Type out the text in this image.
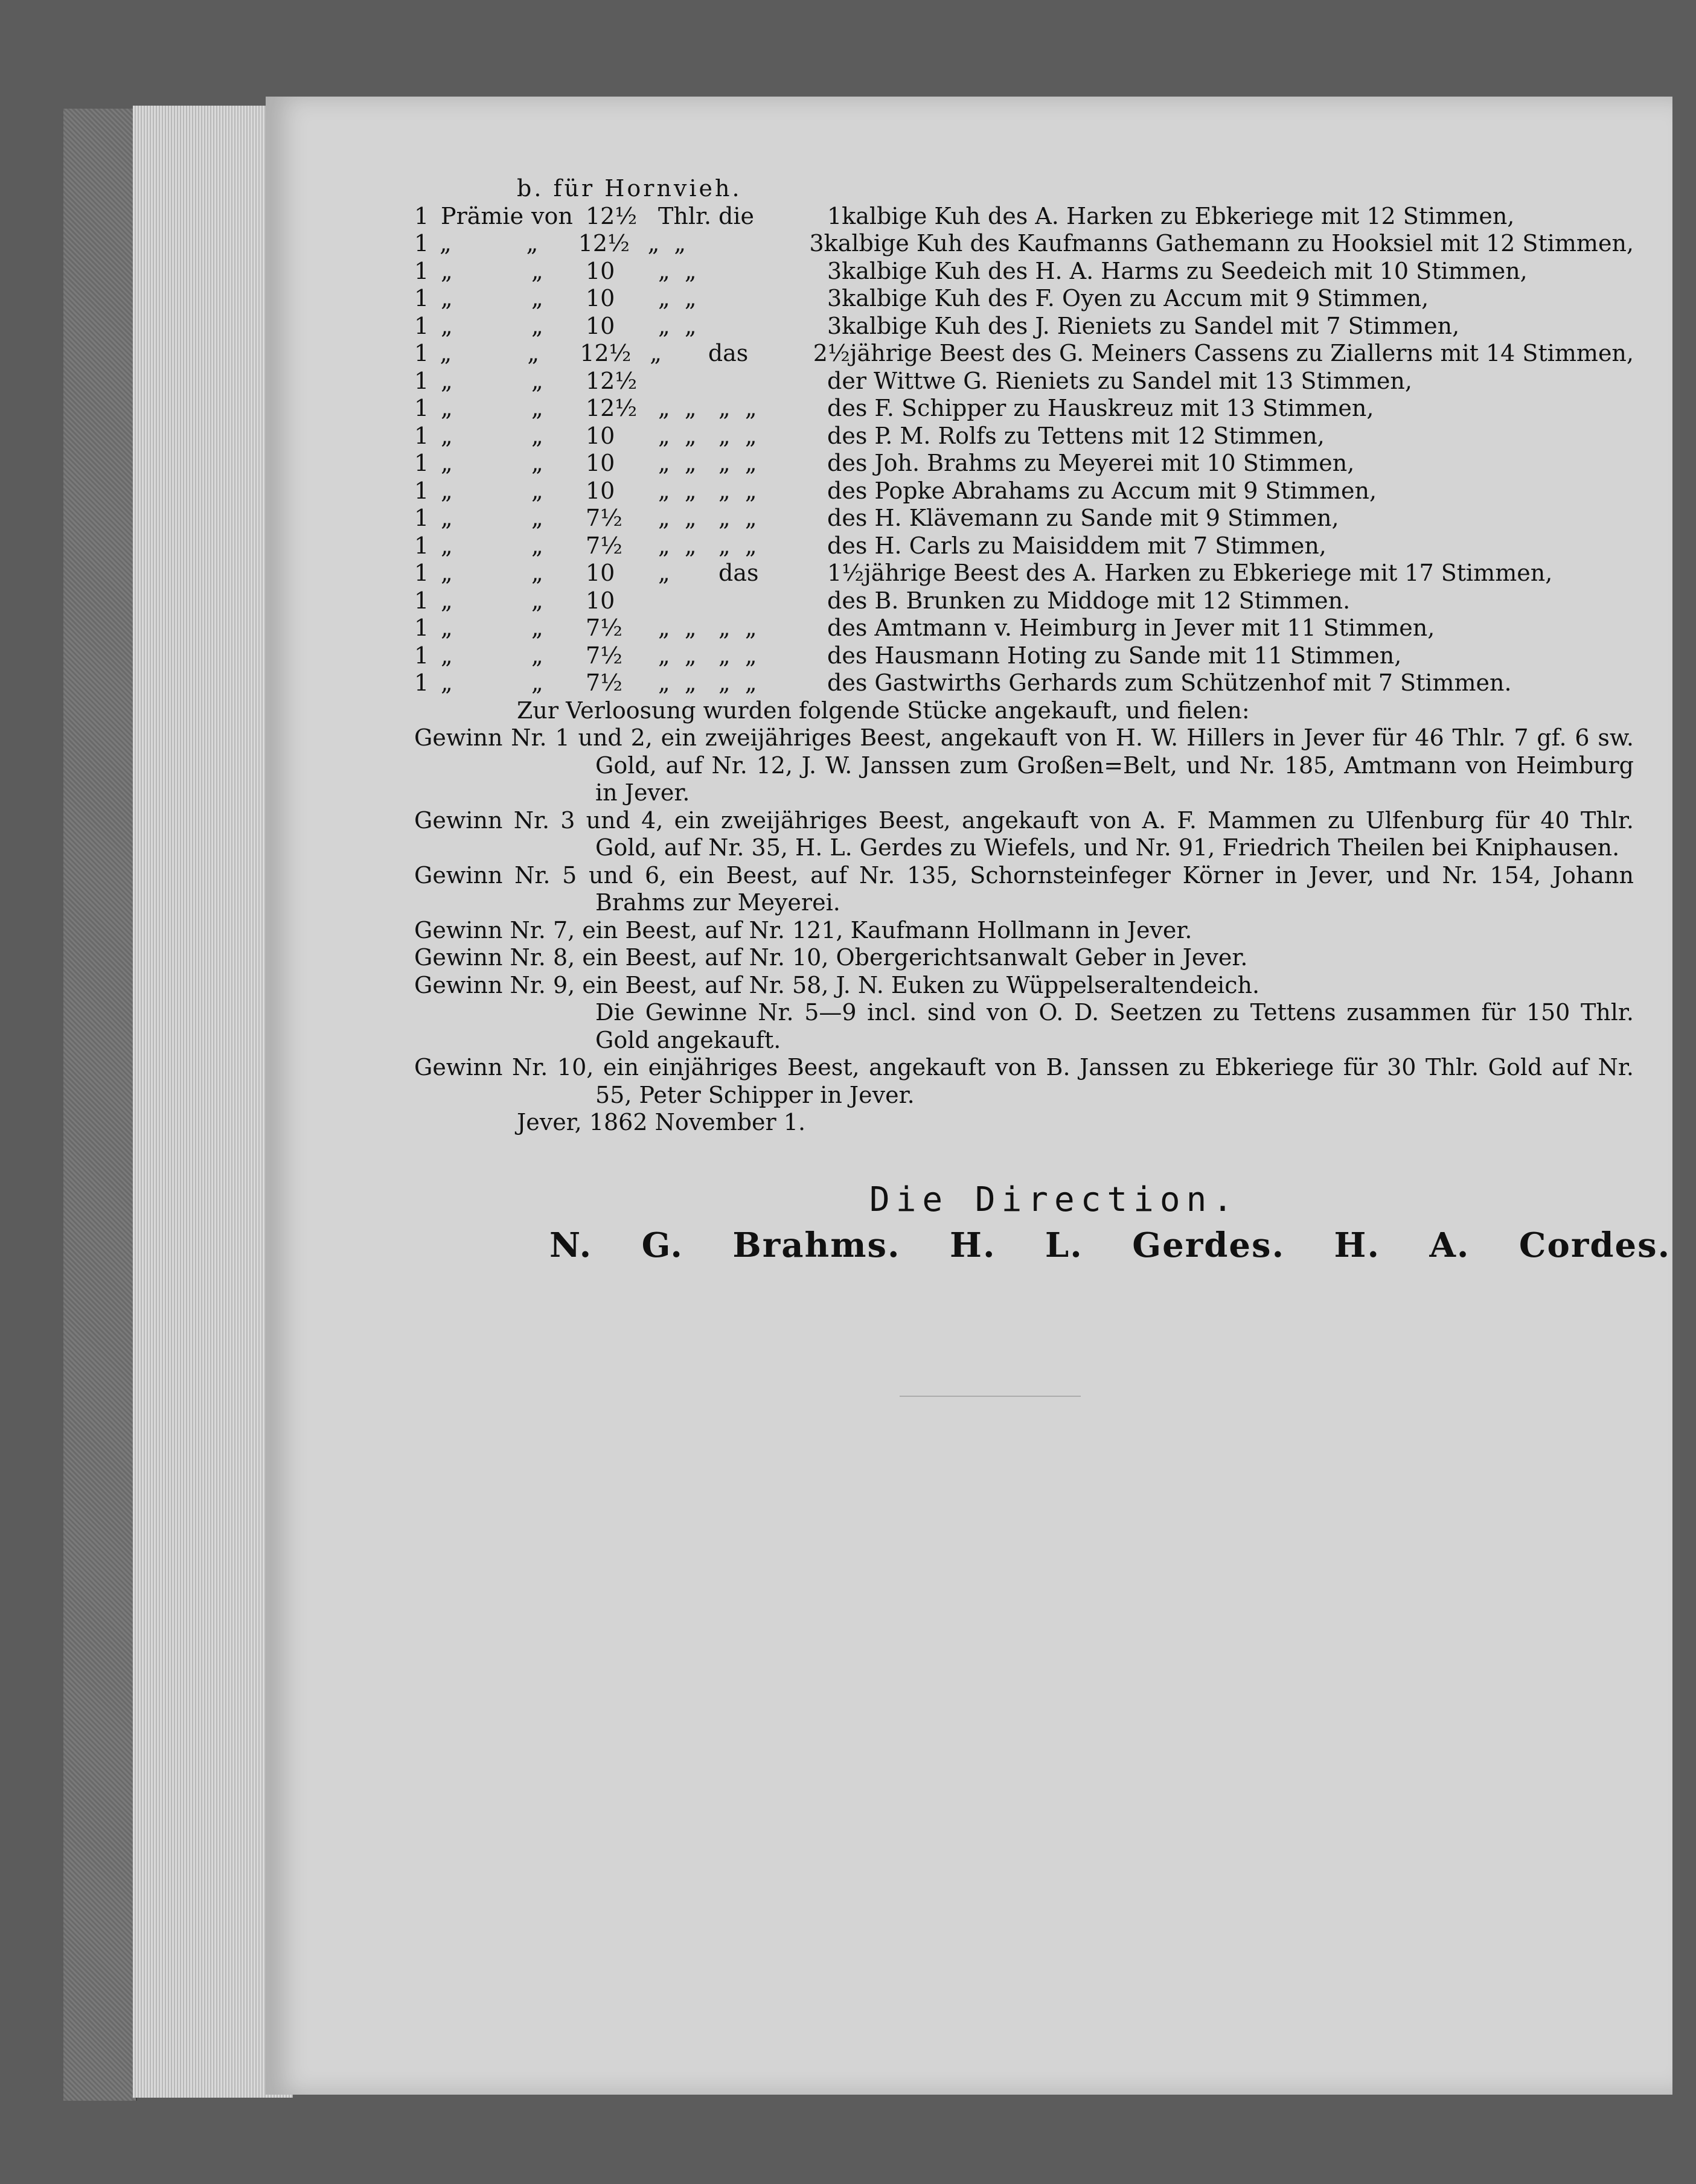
b. für Hornvieh.
1 Prämie von 12½ Thlr. die	1kalbige Kuh des A. Harken zu Ebkeriege mit 12 Stimmen,
1 „	„	12½ „  „	3kalbige Kuh des Kaufmanns Gathemann zu Hooksiel mit 12 Stimmen,
1 „	„	10	„  „	3kalbige Kuh des H. A. Harms zu Seedeich mit 10 Stimmen,
1 „	„	10	„  „	3kalbige Kuh des F. Oyen zu Accum mit 9 Stimmen,
1 „	„	10	„  „	3kalbige Kuh des J. Rieniets zu Sandel mit 7 Stimmen,
1 „	„	12½ „	das	2½jährige Beest des G. Meiners Cassens zu Ziallerns mit 14 Stimmen,
1 „	„	12½	der Wittwe G. Rieniets zu Sandel mit 13 Stimmen,
1 „	„	12½ „  „ „  „	des F. Schipper zu Hauskreuz mit 13 Stimmen,
1 „	„	10	„  „ „  „	des P. M. Rolfs zu Tettens mit 12 Stimmen,
1 „	„	10	„  „ „  „	des Joh. Brahms zu Meyerei mit 10 Stimmen,
1 „	„	10	„  „ „  „	des Popke Abrahams zu Accum mit 9 Stimmen,
1 „	„	7½	„  „ „  „	des H. Klävemann zu Sande mit 9 Stimmen,
1 „	„	7½	„  „ „  „	des H. Carls zu Maisiddem mit 7 Stimmen,
1 „	„	10	„	das	1½jährige Beest des A. Harken zu Ebkeriege mit 17 Stimmen,
1 „	„	10	des B. Brunken zu Middoge mit 12 Stimmen.
1 „	„	7½	„  „ „  „	des Amtmann v. Heimburg in Jever mit 11 Stimmen,
1 „	„	7½	„  „ „  „	des Hausmann Hoting zu Sande mit 11 Stimmen,
1 „	„	7½	„  „ „  „	des Gastwirths Gerhards zum Schützenhof mit 7 Stimmen.
Zur Verloosung wurden folgende Stücke angekauft, und fielen:
Gewinn Nr. 1 und 2, ein zweijähriges Beest, angekauft von H. W. Hillers in Jever für 46 Thlr. 7 gf. 6 sw. Gold, auf Nr. 12, J. W. Janssen zum Großen=Belt, und Nr. 185, Amtmann von Heimburg in Jever.
Gewinn Nr. 3 und 4, ein zweijähriges Beest, angekauft von A. F. Mammen zu Ulfenburg für 40 Thlr. Gold, auf Nr. 35, H. L. Gerdes zu Wiefels, und Nr. 91, Friedrich Theilen bei Kniphausen.
Gewinn Nr. 5 und 6, ein Beest, auf Nr. 135, Schornsteinfeger Körner in Jever, und Nr. 154, Johann Brahms zur Meyerei.
Gewinn Nr. 7, ein Beest, auf Nr. 121, Kaufmann Hollmann in Jever.
Gewinn Nr. 8, ein Beest, auf Nr. 10, Obergerichtsanwalt Geber in Jever.
Gewinn Nr. 9, ein Beest, auf Nr. 58, J. N. Euken zu Wüppelseraltendeich.
Die Gewinne Nr. 5—9 incl. sind von O. D. Seetzen zu Tettens zusammen für 150 Thlr. Gold angekauft.
Gewinn Nr. 10, ein einjähriges Beest, angekauft von B. Janssen zu Ebkeriege für 30 Thlr. Gold auf Nr. 55, Peter Schipper in Jever.
Jever, 1862 November 1.
Die Direction.
N. G. Brahms. H. L. Gerdes. H. A. Cordes.
